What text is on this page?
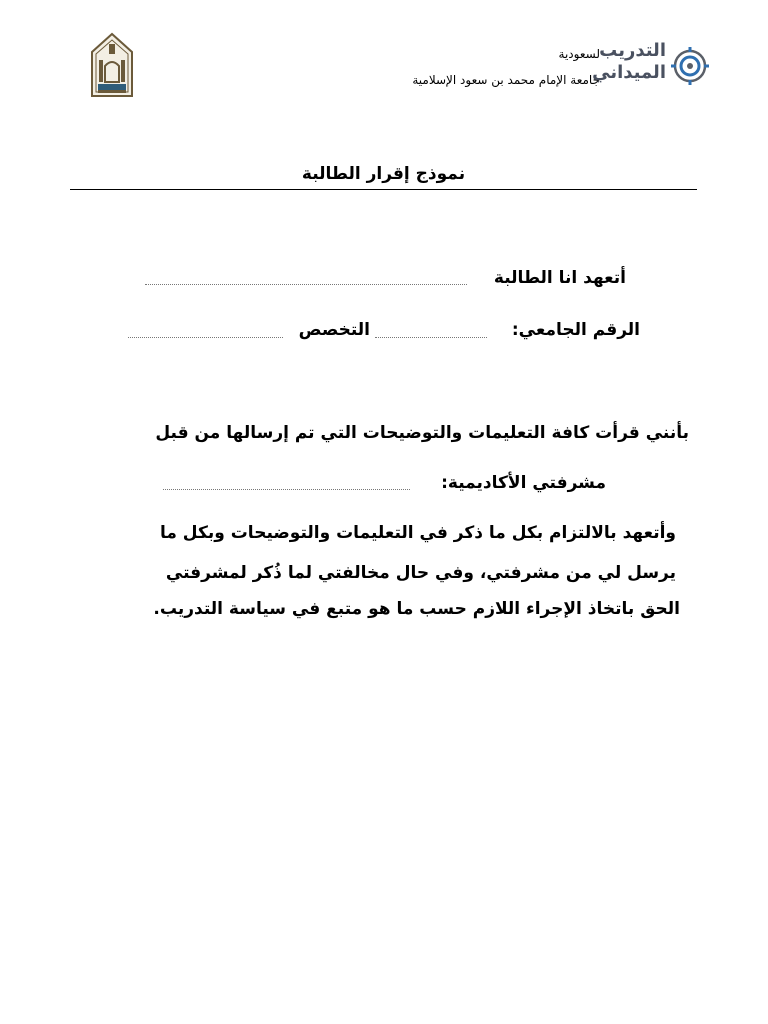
لسعودية
جامعة الإمام محمد بن سعود الإسلامية
التدريب
الميداني
نموذج إقرار الطالبة
أتعهد انا الطالبة
الرقم الجامعي:
التخصص
بأنني قرأت كافة التعليمات والتوضيحات التي تم إرسالها من قبل
مشرفتي الأكاديمية:
وأتعهد بالالتزام بكل ما ذكر في التعليمات والتوضيحات وبكل ما
يرسل لي من مشرفتي، وفي حال مخالفتي لما ذُكر لمشرفتي
الحق باتخاذ الإجراء اللازم حسب ما هو متبع في سياسة التدريب.
